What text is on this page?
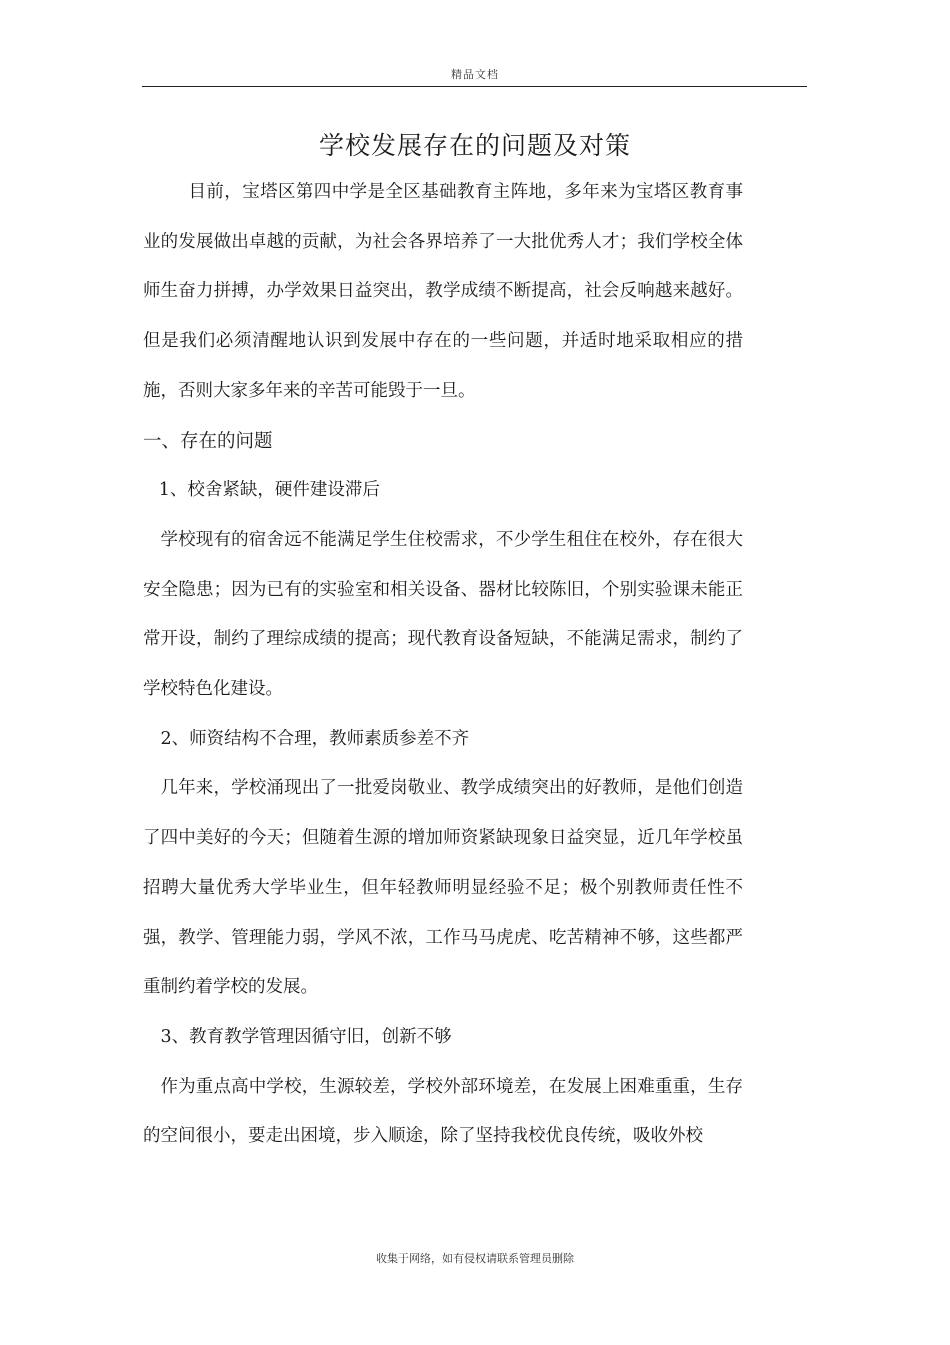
精品文档
学校发展存在的问题及对策

目前，宝塔区第四中学是全区基础教育主阵地，多年来为宝塔区教育事业的发展做出卓越的贡献，为社会各界培养了一大批优秀人才；我们学校全体师生奋力拼搏，办学效果日益突出，教学成绩不断提高，社会反响越来越好。但是我们必须清醒地认识到发展中存在的一些问题，并适时地采取相应的措施，否则大家多年来的辛苦可能毁于一旦。

一、存在的问题

1、校舍紧缺，硬件建设滞后

学校现有的宿舍远不能满足学生住校需求，不少学生租住在校外，存在很大安全隐患；因为已有的实验室和相关设备、器材比较陈旧，个别实验课未能正常开设，制约了理综成绩的提高；现代教育设备短缺，不能满足需求，制约了学校特色化建设。

2、师资结构不合理，教师素质参差不齐

几年来，学校涌现出了一批爱岗敬业、教学成绩突出的好教师，是他们创造了四中美好的今天；但随着生源的增加师资紧缺现象日益突显，近几年学校虽招聘大量优秀大学毕业生，但年轻教师明显经验不足；极个别教师责任性不强，教学、管理能力弱，学风不浓，工作马马虎虎、吃苦精神不够，这些都严重制约着学校的发展。

3、教育教学管理因循守旧，创新不够

作为重点高中学校，生源较差，学校外部环境差，在发展上困难重重，生存的空间很小，要走出困境，步入顺途，除了坚持我校优良传统，吸收外校

收集于网络，如有侵权请联系管理员删除
